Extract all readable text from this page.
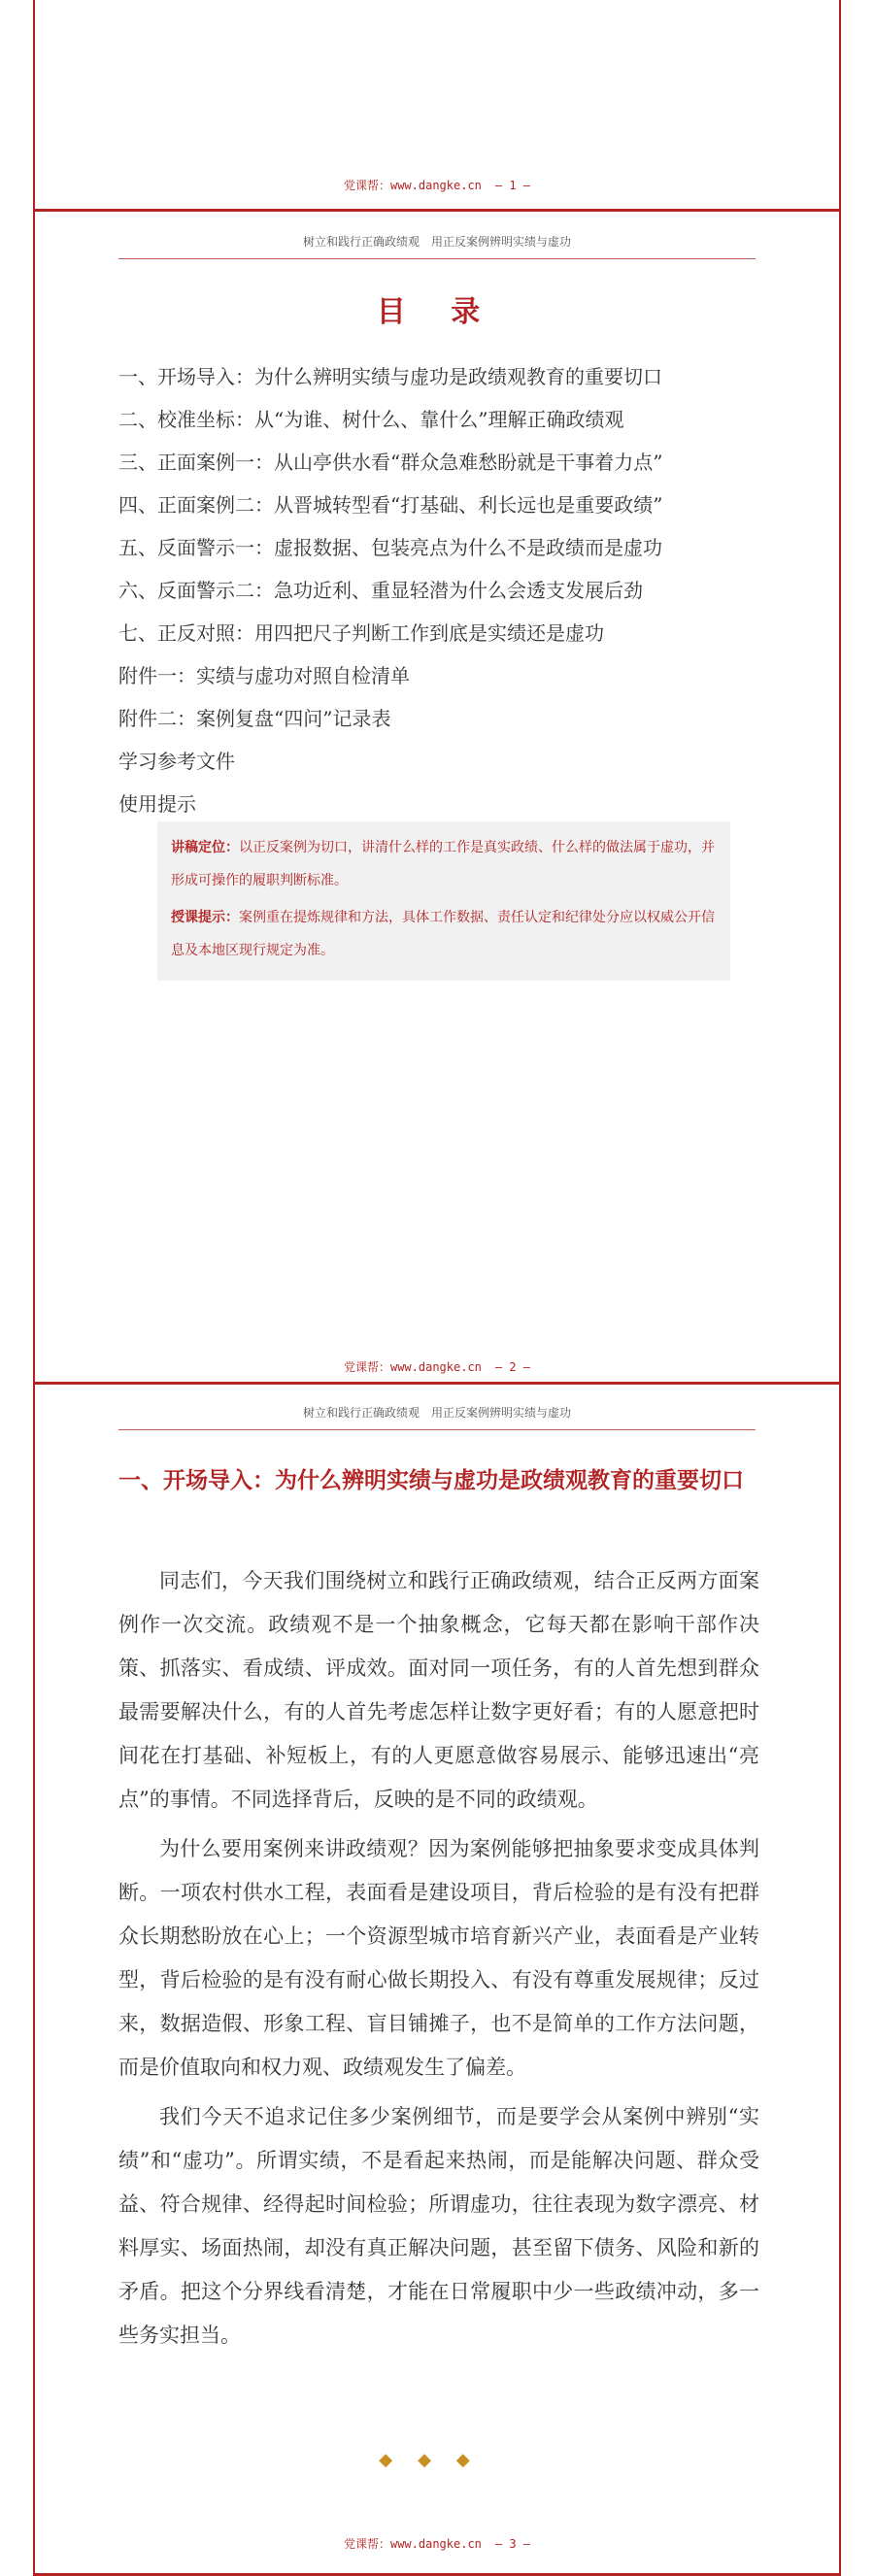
党课帮：www.dangke.cn — 1 —
树立和践行正确政绩观　用正反案例辨明实绩与虚功
目 录
一、开场导入：为什么辨明实绩与虚功是政绩观教育的重要切口
二、校准坐标：从“为谁、树什么、靠什么”理解正确政绩观
三、正面案例一：从山亭供水看“群众急难愁盼就是干事着力点”
四、正面案例二：从晋城转型看“打基础、利长远也是重要政绩”
五、反面警示一：虚报数据、包装亮点为什么不是政绩而是虚功
六、反面警示二：急功近利、重显轻潜为什么会透支发展后劲
七、正反对照：用四把尺子判断工作到底是实绩还是虚功
附件一：实绩与虚功对照自检清单
附件二：案例复盘“四问”记录表
学习参考文件
使用提示

讲稿定位：以正反案例为切口，讲清什么样的工作是真实政绩、什么样的做法属于虚功，并形成可操作的履职判断标准。

授课提示：案例重在提炼规律和方法，具体工作数据、责任认定和纪律处分应以权威公开信息及本地区现行规定为准。

党课帮：www.dangke.cn — 2 —
树立和践行正确政绩观　用正反案例辨明实绩与虚功
一、开场导入：为什么辨明实绩与虚功是政绩观教育的重要切口

同志们，今天我们围绕树立和践行正确政绩观，结合正反两方面案例作一次交流。政绩观不是一个抽象概念，它每天都在影响干部作决策、抓落实、看成绩、评成效。面对同一项任务，有的人首先想到群众最需要解决什么，有的人首先考虑怎样让数字更好看；有的人愿意把时间花在打基础、补短板上，有的人更愿意做容易展示、能够迅速出“亮点”的事情。不同选择背后，反映的是不同的政绩观。

为什么要用案例来讲政绩观？因为案例能够把抽象要求变成具体判断。一项农村供水工程，表面看是建设项目，背后检验的是有没有把群众长期愁盼放在心上；一个资源型城市培育新兴产业，表面看是产业转型，背后检验的是有没有耐心做长期投入、有没有尊重发展规律；反过来，数据造假、形象工程、盲目铺摊子，也不是简单的工作方法问题，而是价值取向和权力观、政绩观发生了偏差。

我们今天不追求记住多少案例细节，而是要学会从案例中辨别“实绩”和“虚功”。所谓实绩，不是看起来热闹，而是能解决问题、群众受益、符合规律、经得起时间检验；所谓虚功，往往表现为数字漂亮、材料厚实、场面热闹，却没有真正解决问题，甚至留下债务、风险和新的矛盾。把这个分界线看清楚，才能在日常履职中少一些政绩冲动，多一些务实担当。

◆◆◆
党课帮：www.dangke.cn — 3 —
